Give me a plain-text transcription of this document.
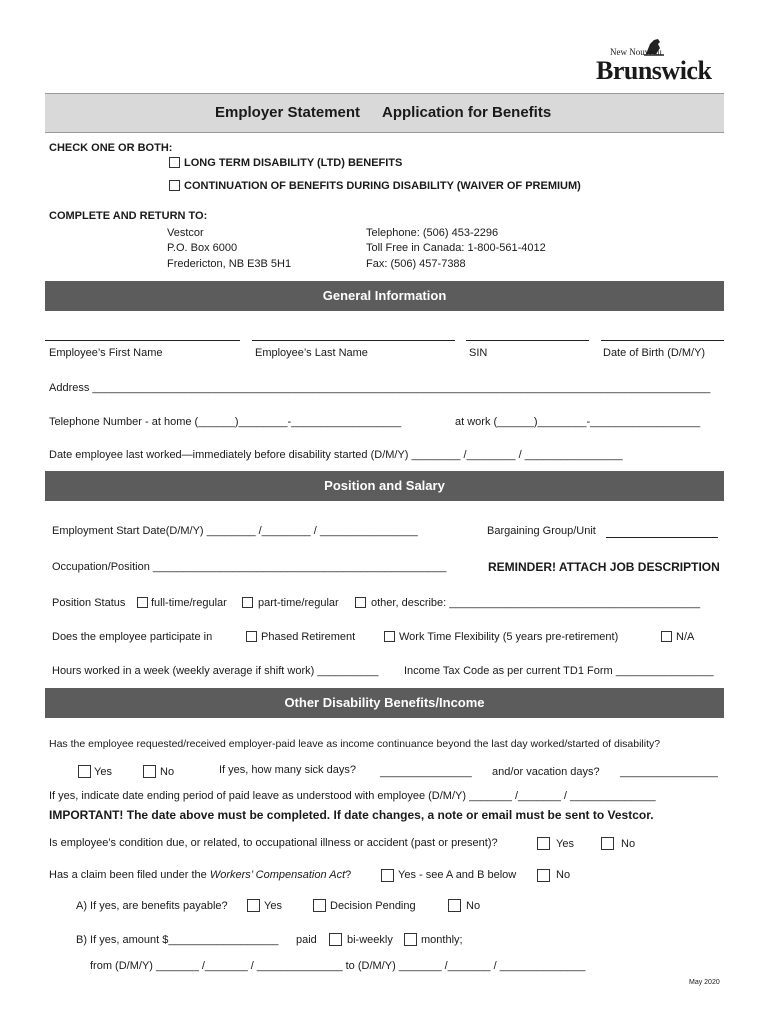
New Nouveau
Brunswick
Employer Statement Application for Benefits
CHECK ONE OR BOTH:
LONG TERM DISABILITY (LTD) BENEFITS
CONTINUATION OF BENEFITS DURING DISABILITY (WAIVER OF PREMIUM)
COMPLETE AND RETURN TO:
Vestcor
P.O. Box 6000
Fredericton, NB E3B 5H1
Telephone: (506) 453-2296
Toll Free in Canada: 1-800-561-4012
Fax: (506) 457-7388
General Information
Employee’s First Name	Employee’s Last Name	SIN	Date of Birth (D/M/Y)
Address _____________________________________________________________________________________________________
Telephone Number - at home (______)________-__________________	at work (______)________-__________________
Date employee last worked—immediately before disability started (D/M/Y) ________ /________ / ________________
Position and Salary
Employment Start Date(D/M/Y) ________ /________ / ________________	Bargaining Group/Unit
Occupation/Position ________________________________________________	REMINDER! ATTACH JOB DESCRIPTION
Position Status full-time/regular	part-time/regular	other, describe: _________________________________________
Does the employee participate in	Phased Retirement	Work Time Flexibility (5 years pre-retirement)	N/A
Hours worked in a week (weekly average if shift work) __________ Income Tax Code as per current TD1 Form ________________
Other Disability Benefits/Income
Has the employee requested/received employer-paid leave as income continuance beyond the last day worked/started of disability?
Yes	No	If yes, how many sick days? _______________ and/or vacation days? ________________
If yes, indicate date ending period of paid leave as understood with employee (D/M/Y) _______ /_______ / ______________
IMPORTANT! The date above must be completed. If date changes, a note or email must be sent to Vestcor.
Is employee’s condition due, or related, to occupational illness or accident (past or present)?	Yes	No
Has a claim been filed under the Workers’ Compensation Act?	Yes - see A and B below	No
A) If yes, are benefits payable?	Yes	Decision Pending	No
B) If yes, amount $__________________ paid	bi-weekly	monthly;
from (D/M/Y) _______ /_______ / ______________ to (D/M/Y) _______ /_______ / ______________
May 2020
